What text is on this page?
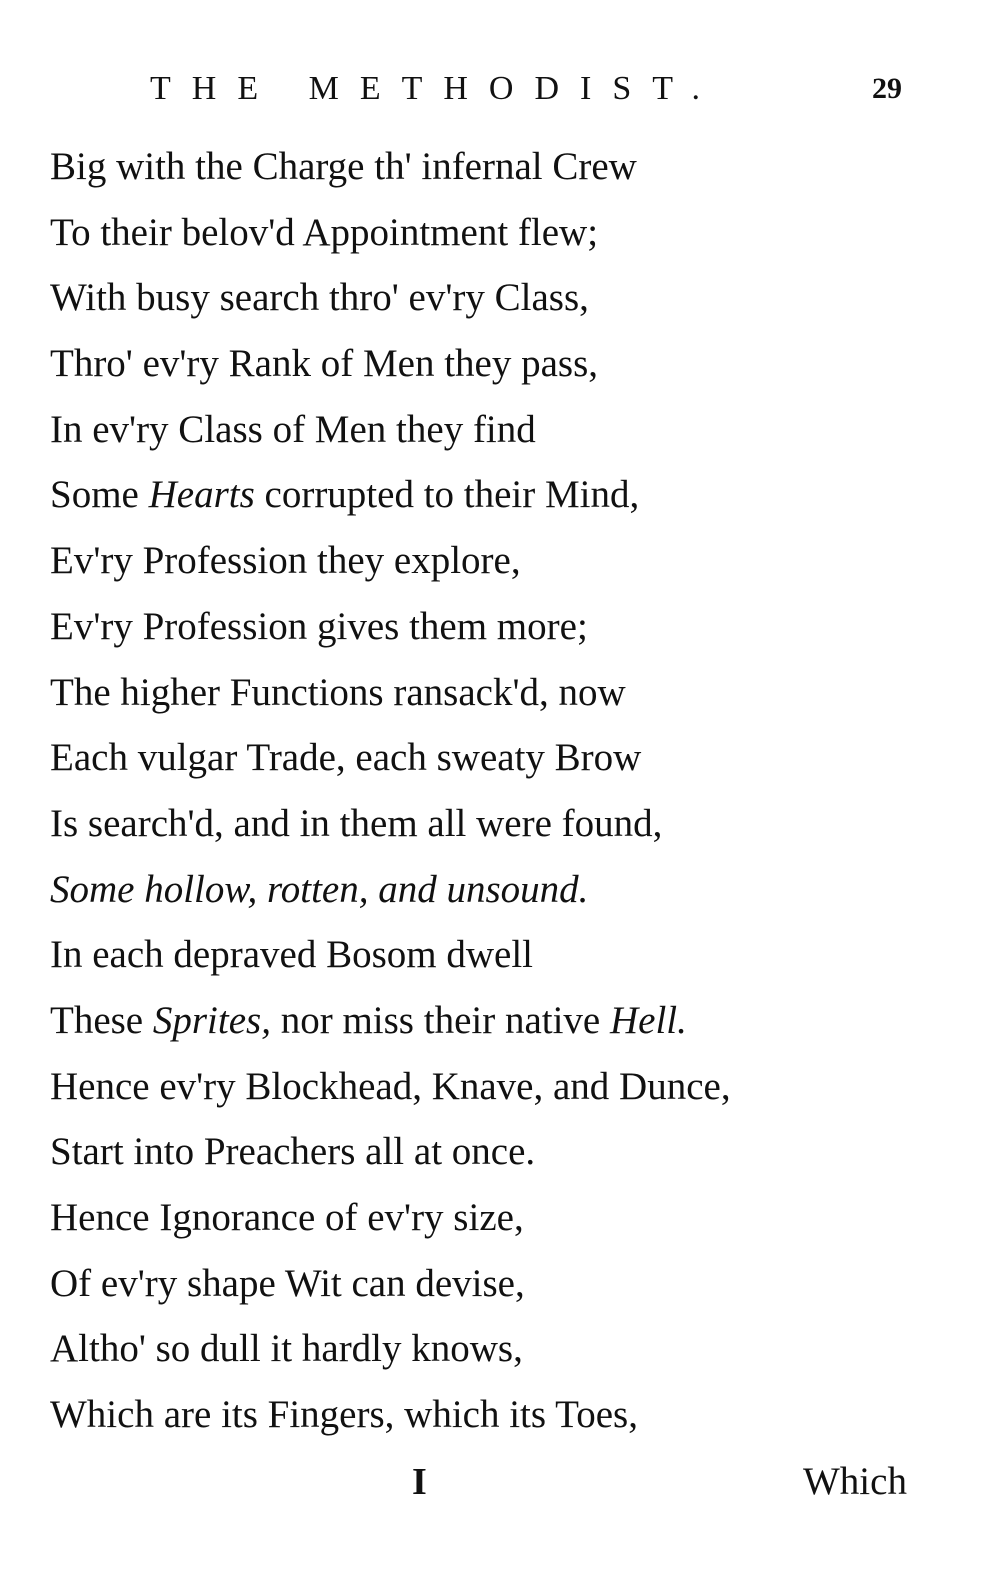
THE METHODIST.	29
Big with the Charge th' infernal Crew
To their belov'd Appointment flew;
With busy search thro' ev'ry Class,
Thro' ev'ry Rank of Men they pass,
In ev'ry Class of Men they find
Some Hearts corrupted to their Mind,
Ev'ry Profession they explore,
Ev'ry Profession gives them more;
The higher Functions ransack'd, now
Each vulgar Trade, each sweaty Brow
Is search'd, and in them all were found,
Some hollow, rotten, and unsound.
In each depraved Bosom dwell
These Sprites, nor miss their native Hell.
Hence ev'ry Blockhead, Knave, and Dunce,
Start into Preachers all at once.
Hence Ignorance of ev'ry size,
Of ev'ry shape Wit can devise,
Altho' so dull it hardly knows,
Which are its Fingers, which its Toes,
I	Which
